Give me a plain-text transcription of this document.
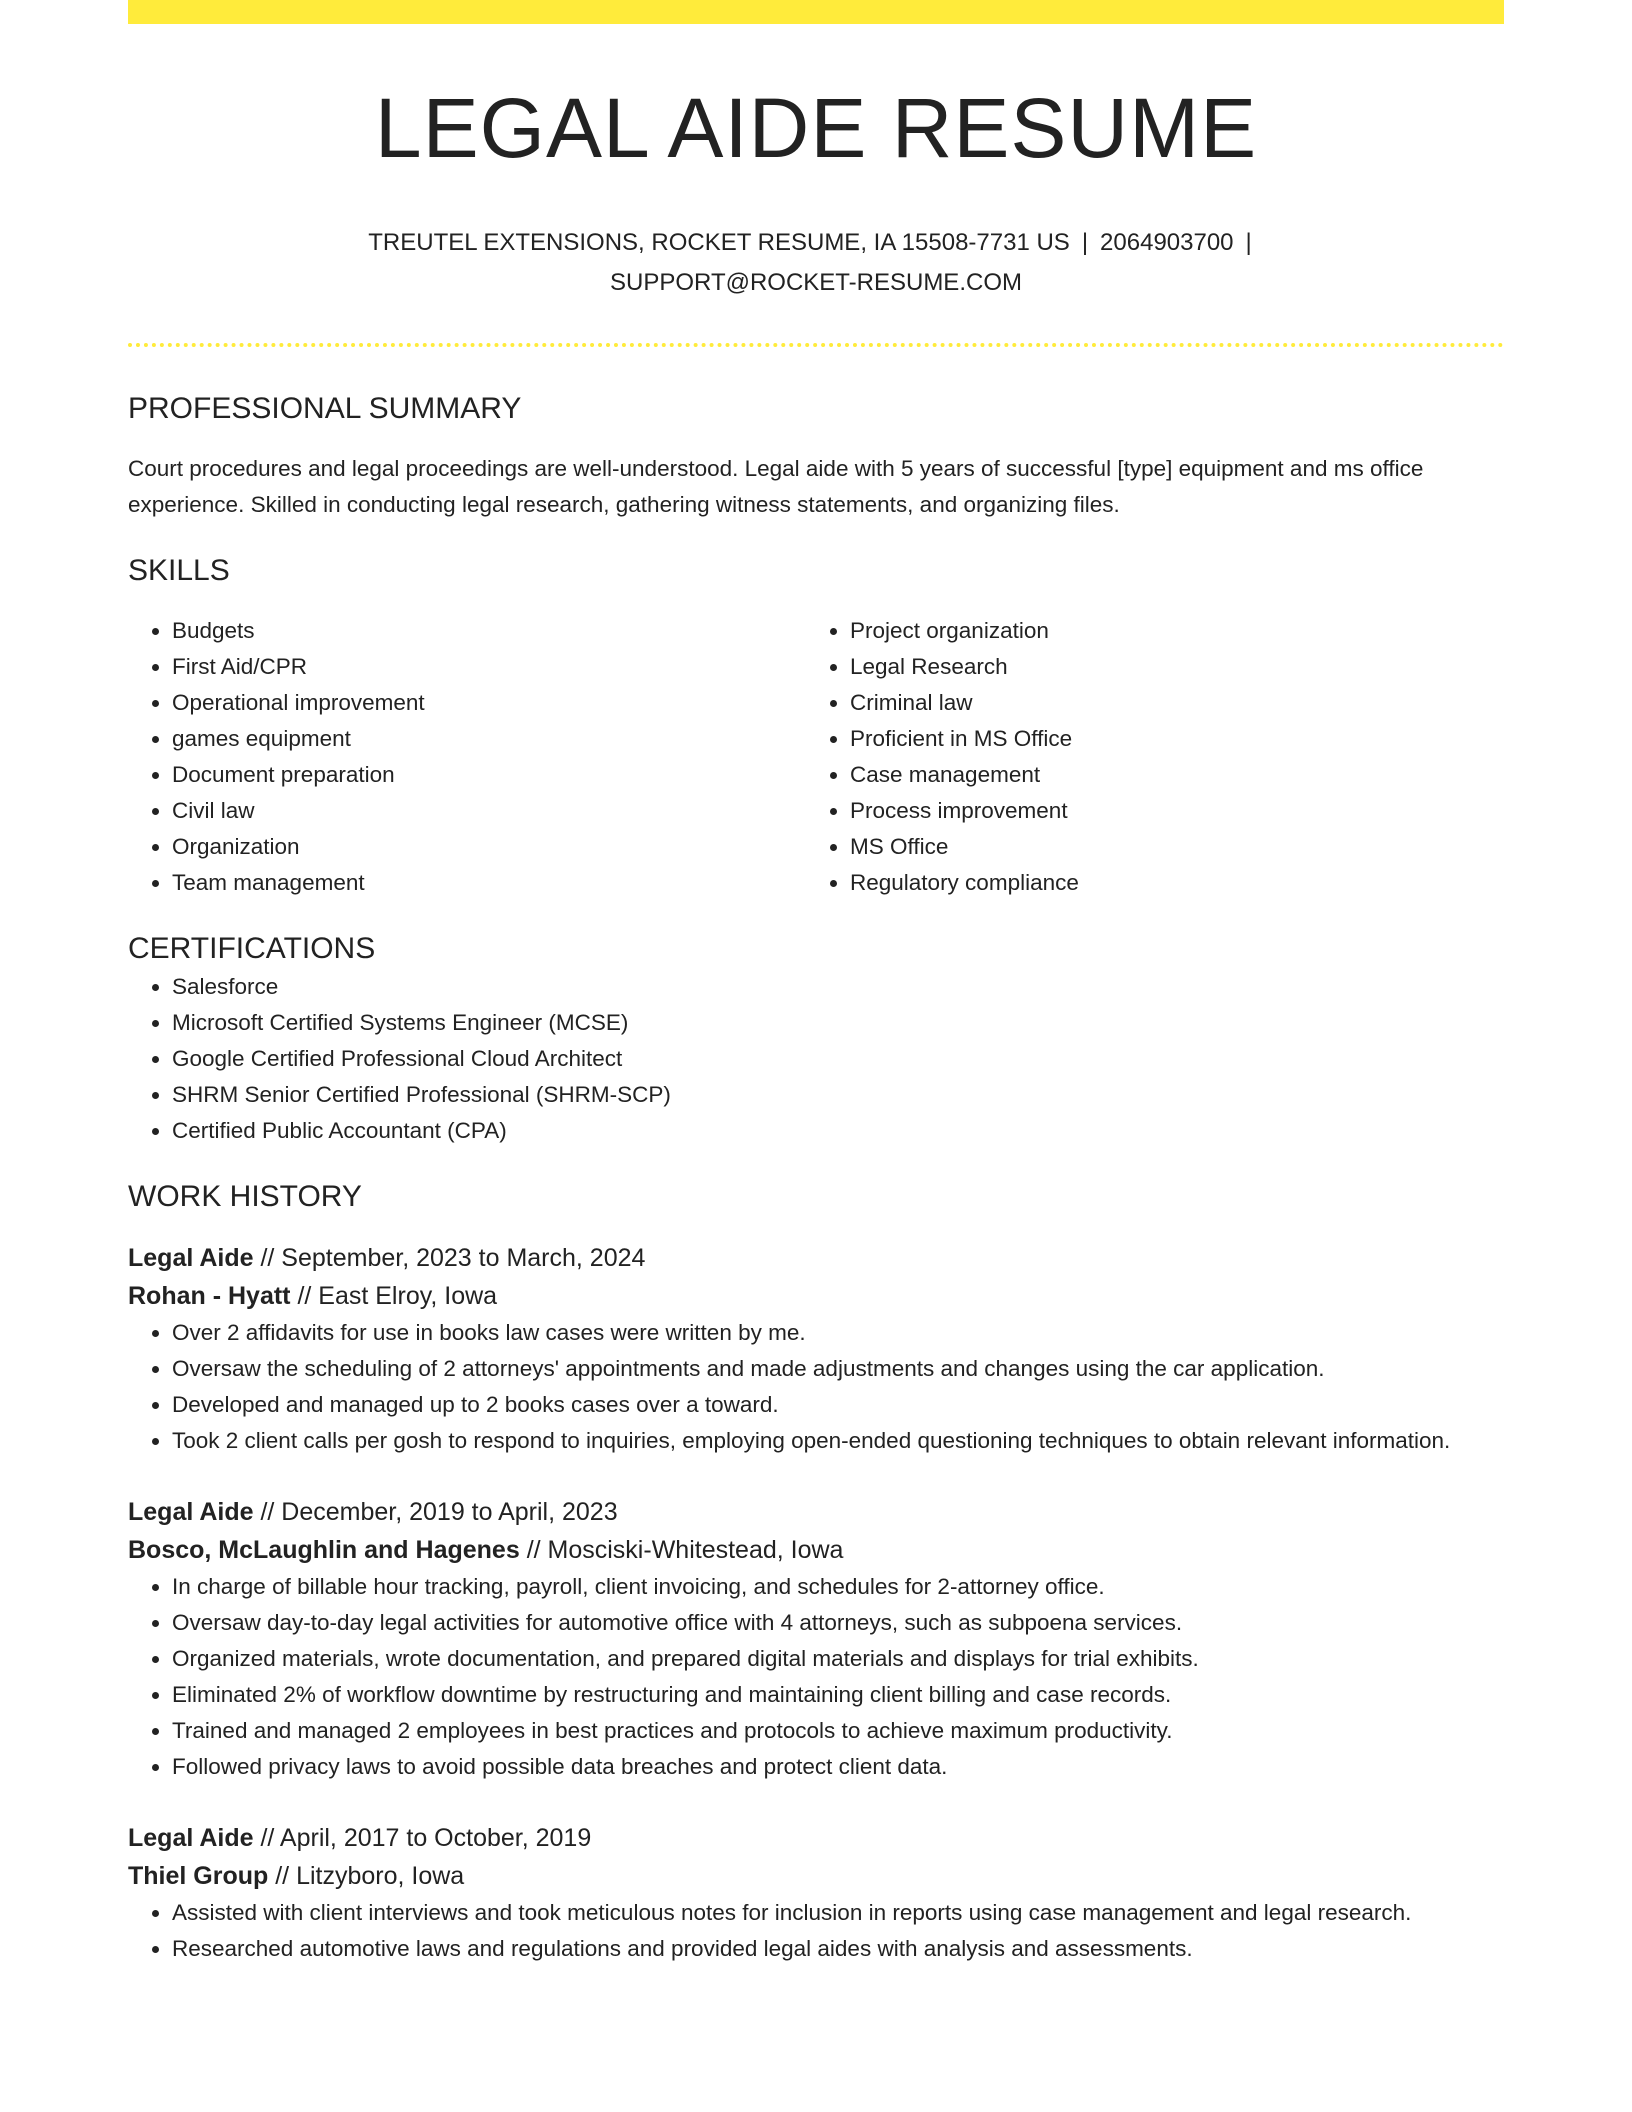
LEGAL AIDE RESUME
TREUTEL EXTENSIONS, ROCKET RESUME, IA 15508-7731 US | 2064903700 |
SUPPORT@ROCKET-RESUME.COM
PROFESSIONAL SUMMARY

Court procedures and legal proceedings are well-understood. Legal aide with 5 years of successful [type] equipment and ms office experience. Skilled in conducting legal research, gathering witness statements, and organizing files.

SKILLS
• Budgets
• First Aid/CPR
• Operational improvement
• games equipment
• Document preparation
• Civil law
• Organization
• Team management
• Project organization
• Legal Research
• Criminal law
• Proficient in MS Office
• Case management
• Process improvement
• MS Office
• Regulatory compliance
CERTIFICATIONS
• Salesforce
• Microsoft Certified Systems Engineer (MCSE)
• Google Certified Professional Cloud Architect
• SHRM Senior Certified Professional (SHRM-SCP)
• Certified Public Accountant (CPA)
WORK HISTORY
Legal Aide // September, 2023 to March, 2024
Rohan - Hyatt // East Elroy, Iowa
• Over 2 affidavits for use in books law cases were written by me.
• Oversaw the scheduling of 2 attorneys' appointments and made adjustments and changes using the car application.
• Developed and managed up to 2 books cases over a toward.
• Took 2 client calls per gosh to respond to inquiries, employing open-ended questioning techniques to obtain relevant information.
Legal Aide // December, 2019 to April, 2023
Bosco, McLaughlin and Hagenes // Mosciski-Whitestead, Iowa
• In charge of billable hour tracking, payroll, client invoicing, and schedules for 2-attorney office.
• Oversaw day-to-day legal activities for automotive office with 4 attorneys, such as subpoena services.
• Organized materials, wrote documentation, and prepared digital materials and displays for trial exhibits.
• Eliminated 2% of workflow downtime by restructuring and maintaining client billing and case records.
• Trained and managed 2 employees in best practices and protocols to achieve maximum productivity.
• Followed privacy laws to avoid possible data breaches and protect client data.
Legal Aide // April, 2017 to October, 2019
Thiel Group // Litzyboro, Iowa
• Assisted with client interviews and took meticulous notes for inclusion in reports using case management and legal research.
• Researched automotive laws and regulations and provided legal aides with analysis and assessments.
